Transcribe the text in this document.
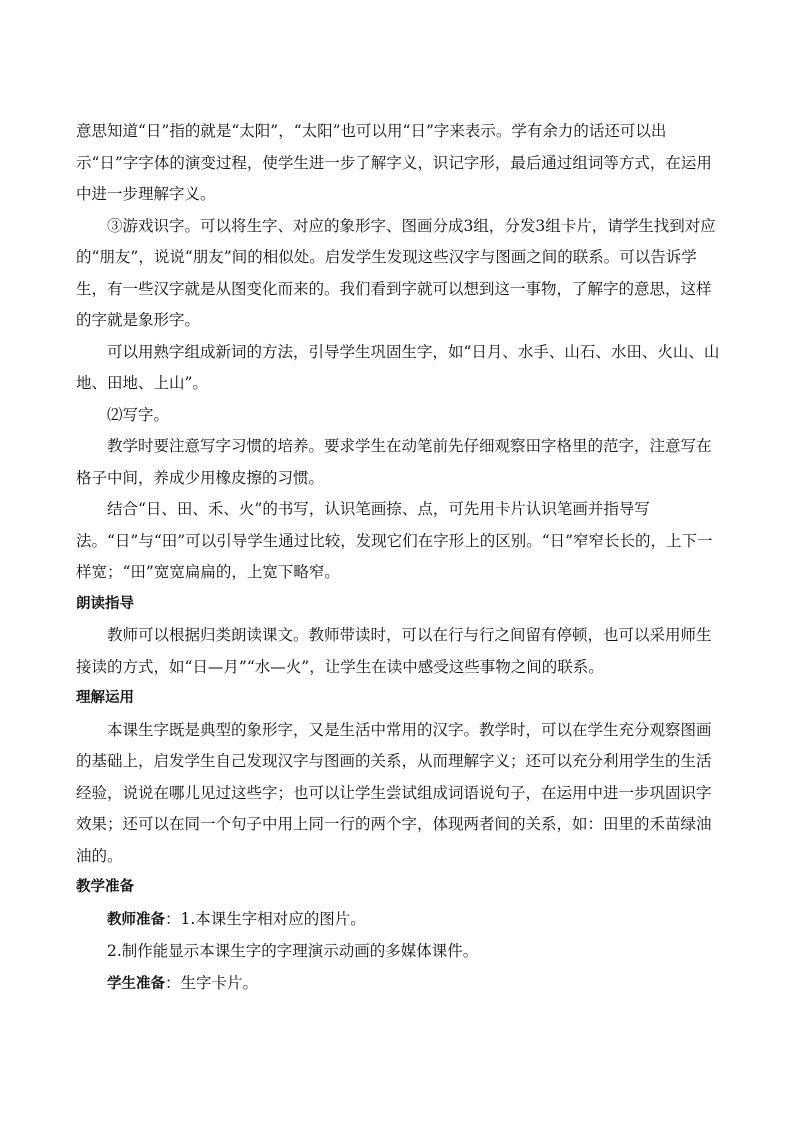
意思知道“日”指的就是“太阳”，“太阳”也可以用“日”字来表示。学有余力的话还可以出示“日”字字体的演变过程，使学生进一步了解字义，识记字形，最后通过组词等方式，在运用中进一步理解字义。

③游戏识字。可以将生字、对应的象形字、图画分成3组，分发3组卡片，请学生找到对应的“朋友”，说说“朋友”间的相似处。启发学生发现这些汉字与图画之间的联系。可以告诉学生，有一些汉字就是从图变化而来的。我们看到字就可以想到这一事物，了解字的意思，这样的字就是象形字。

可以用熟字组成新词的方法，引导学生巩固生字，如“日月、水手、山石、水田、火山、山地、田地、上山”。

⑵写字。

教学时要注意写字习惯的培养。要求学生在动笔前先仔细观察田字格里的范字，注意写在格子中间，养成少用橡皮擦的习惯。

结合“日、田、禾、火”的书写，认识笔画捺、点，可先用卡片认识笔画并指导写法。“日”与“田”可以引导学生通过比较，发现它们在字形上的区别。“日”窄窄长长的，上下一样宽；“田”宽宽扁扁的，上宽下略窄。

朗读指导

教师可以根据归类朗读课文。教师带读时，可以在行与行之间留有停顿，也可以采用师生接读的方式，如“日—月”“水—火”，让学生在读中感受这些事物之间的联系。

理解运用

本课生字既是典型的象形字，又是生活中常用的汉字。教学时，可以在学生充分观察图画的基础上，启发学生自己发现汉字与图画的关系，从而理解字义；还可以充分利用学生的生活经验，说说在哪儿见过这些字；也可以让学生尝试组成词语说句子，在运用中进一步巩固识字效果；还可以在同一个句子中用上同一行的两个字，体现两者间的关系，如：田里的禾苗绿油油的。

教学准备

教师准备：1.本课生字相对应的图片。

2.制作能显示本课生字的字理演示动画的多媒体课件。

学生准备：生字卡片。
